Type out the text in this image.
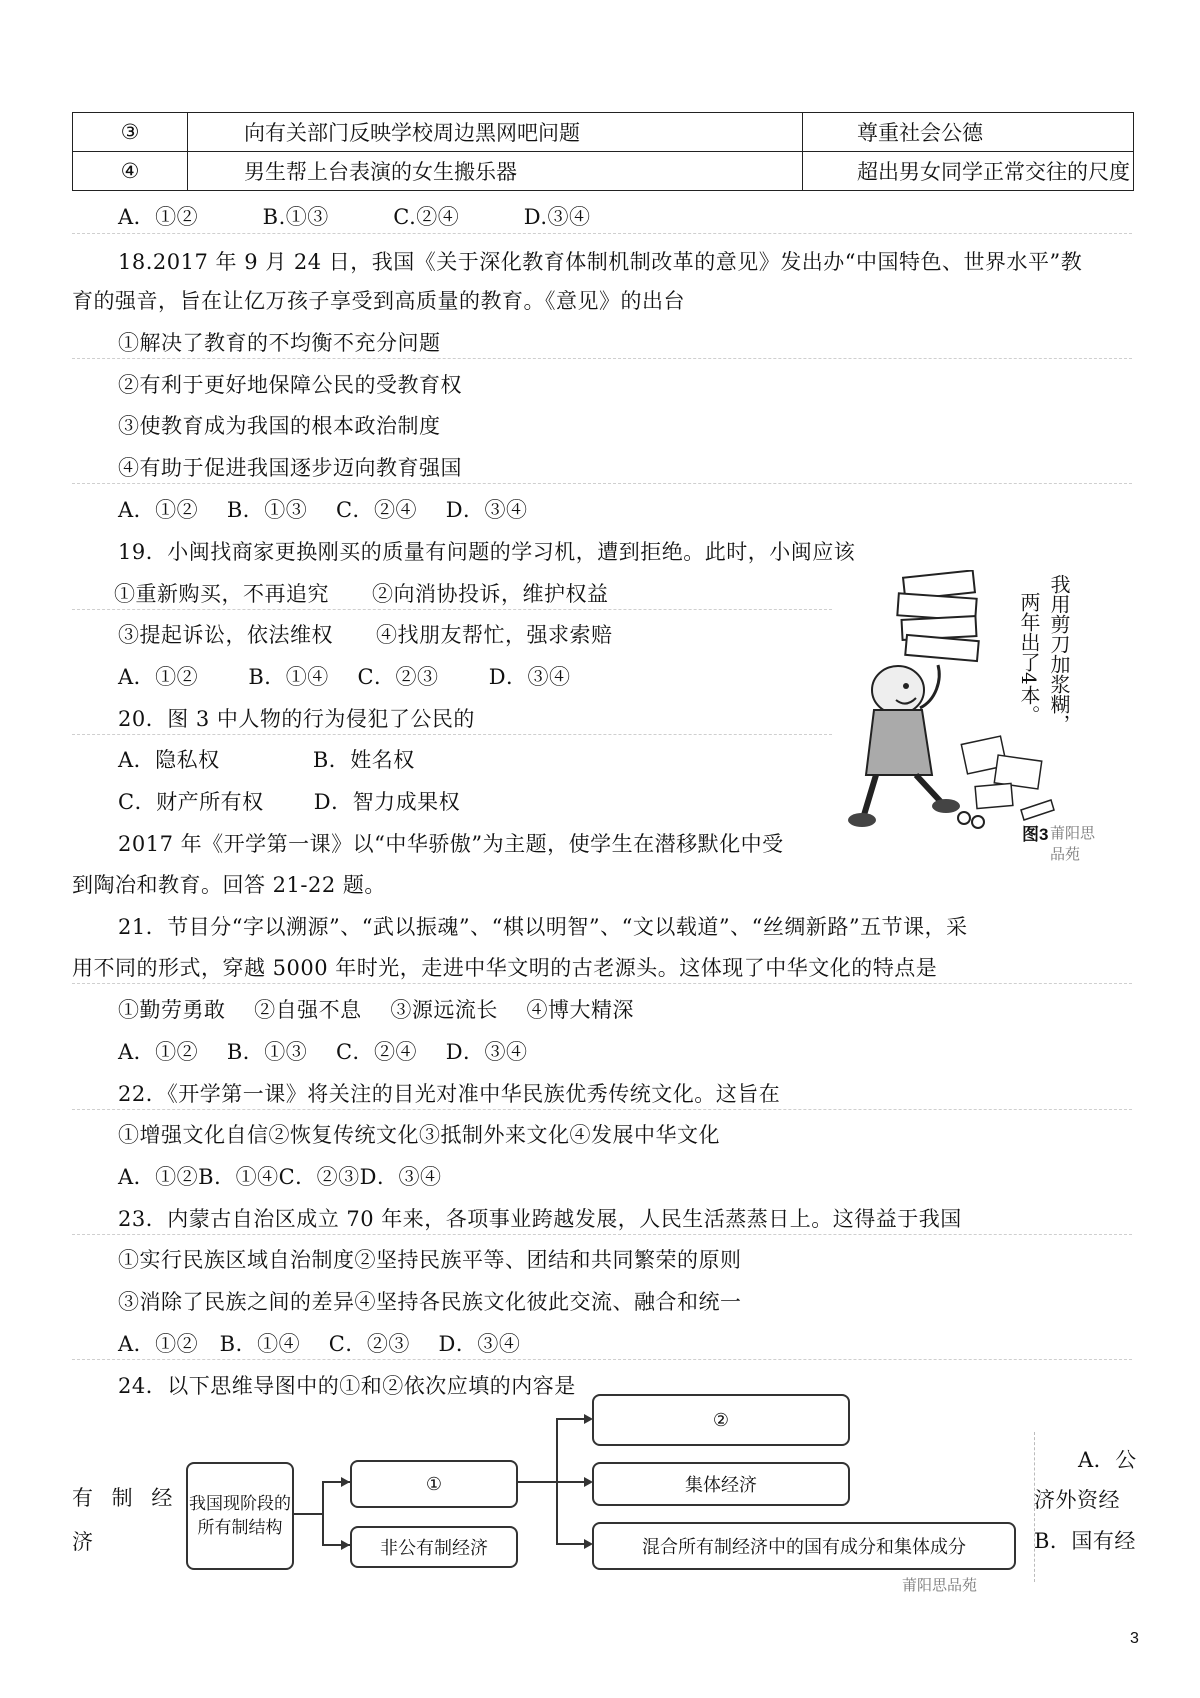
③	向有关部门反映学校周边黑网吧问题	尊重社会公德
④	男生帮上台表演的女生搬乐器	超出男女同学正常交往的尺度
A．①②　　　B.①③　　　C.②④　　　D.③④
18.2017 年 9 月 24 日，我国《关于深化教育体制机制改革的意见》发出办“中国特色、世界水平”教
育的强音，旨在让亿万孩子享受到高质量的教育。《意见》的出台
①解决了教育的不均衡不充分问题
②有利于更好地保障公民的受教育权
③使教育成为我国的根本政治制度
④有助于促进我国逐步迈向教育强国
A．①②　 B．①③　 C．②④　 D．③④
19．小闽找商家更换刚买的质量有问题的学习机，遭到拒绝。此时，小闽应该
①重新购买，不再追究　　②向消协投诉，维护权益
③提起诉讼，依法维权　　④找朋友帮忙，强求索赔
A．①②　　 B．①④　 C．②③　　 D．③④
20．图 3 中人物的行为侵犯了公民的
A．隐私权　　　　 B．姓名权
C．财产所有权　　 D．智力成果权
我用剪刀加浆糊，
两年出了4本。
图3 莆阳思品苑
2017 年《开学第一课》以“中华骄傲”为主题，使学生在潜移默化中受
到陶冶和教育。回答 21-22 题。
21．节目分“字以溯源”、“武以振魂”、“棋以明智”、“文以载道”、“丝绸新路”五节课，采
用不同的形式，穿越 5000 年时光，走进中华文明的古老源头。这体现了中华文化的特点是
①勤劳勇敢　 ②自强不息　 ③源远流长　 ④博大精深
A．①②　 B．①③　 C．②④　 D．③④
22．《开学第一课》将关注的目光对准中华民族优秀传统文化。这旨在
①增强文化自信②恢复传统文化③抵制外来文化④发展中华文化
A．①②B．①④C．②③D．③④
23．内蒙古自治区成立 70 年来，各项事业跨越发展，人民生活蒸蒸日上。这得益于我国
①实行民族区域自治制度②坚持民族平等、团结和共同繁荣的原则
③消除了民族之间的差异④坚持各民族文化彼此交流、融合和统一
A．①②　B．①④　 C．②③　 D．③④
24．以下思维导图中的①和②依次应填的内容是
有 制 经
济
A．公
济外资经
B．国有经
我国现阶段的所有制结构
①
非公有制经济
②
集体经济
混合所有制经济中的国有成分和集体成分
莆阳思品苑
3
